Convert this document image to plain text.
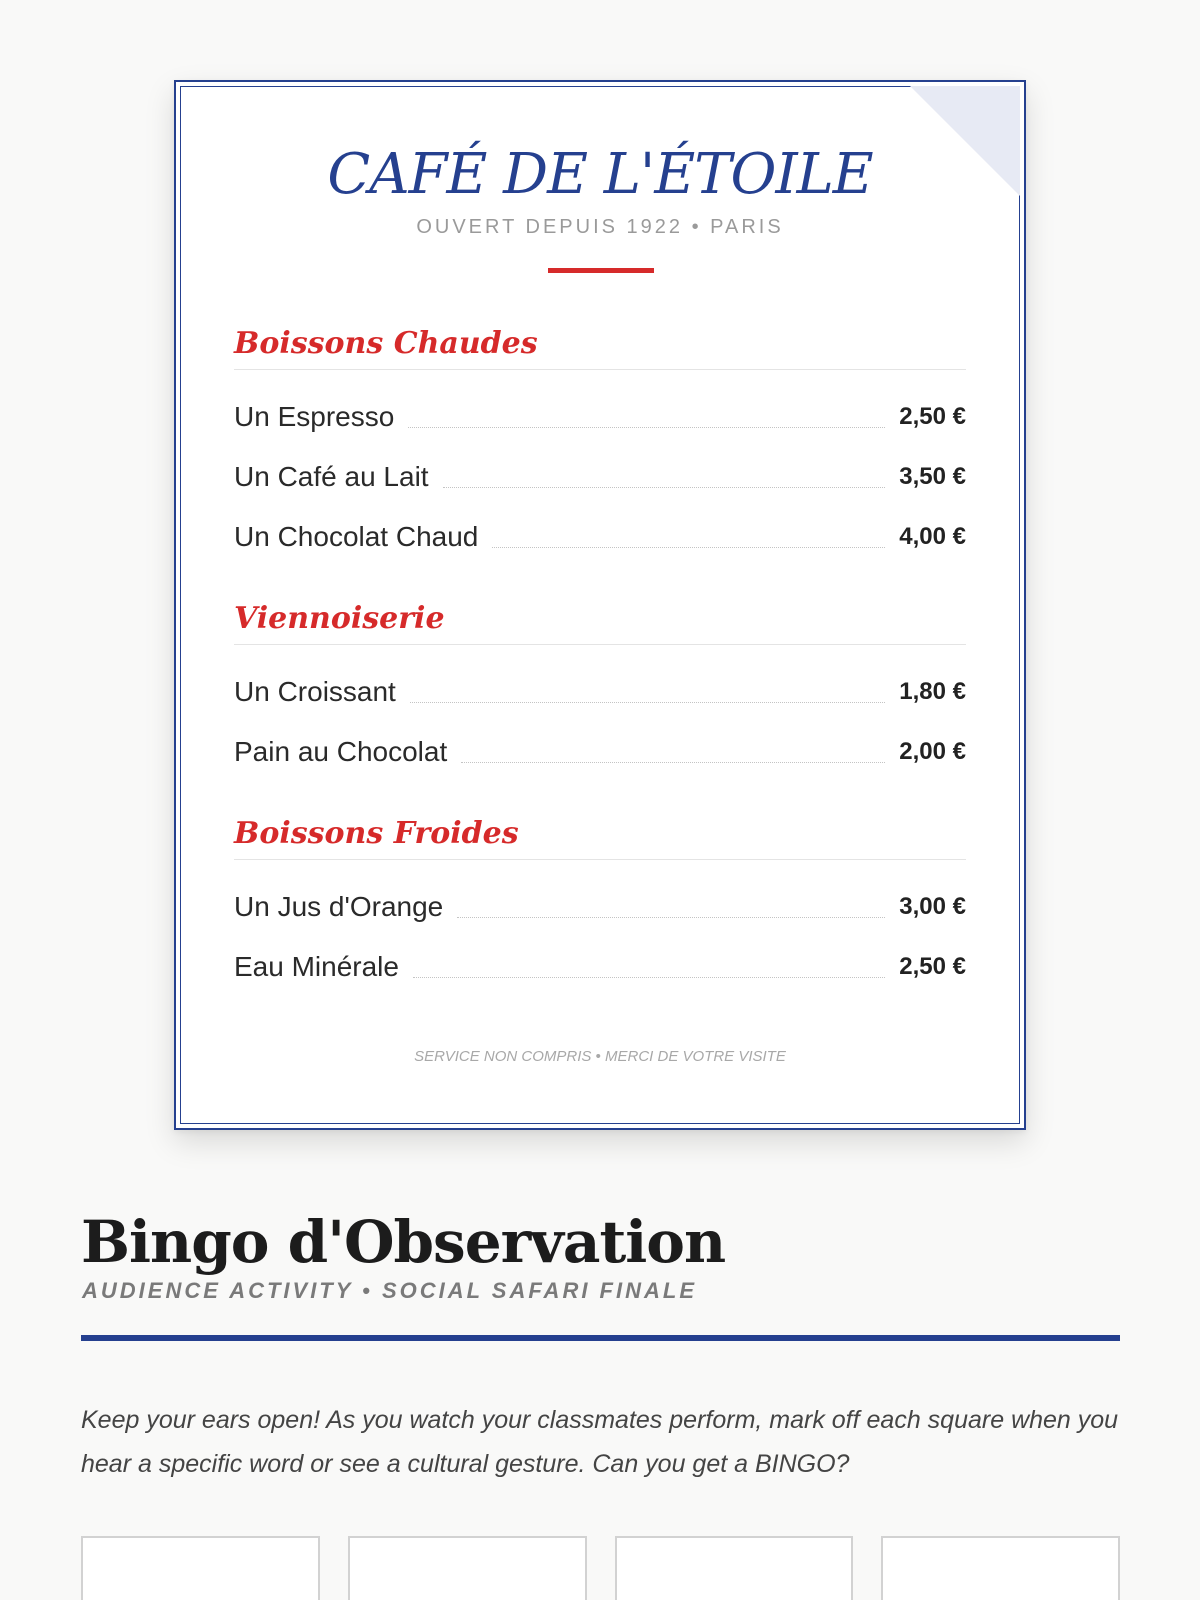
CAFÉ DE L'ÉTOILE
OUVERT DEPUIS 1922 • PARIS
Boissons Chaudes
Un Espresso	2,50 €
Un Café au Lait	3,50 €
Un Chocolat Chaud	4,00 €
Viennoiserie
Un Croissant	1,80 €
Pain au Chocolat	2,00 €
Boissons Froides
Un Jus d'Orange	3,00 €
Eau Minérale	2,50 €
SERVICE NON COMPRIS • MERCI DE VOTRE VISITE
Bingo d'Observation
AUDIENCE ACTIVITY • SOCIAL SAFARI FINALE

Keep your ears open! As you watch your classmates perform, mark off each square when you hear a specific word or see a cultural gesture. Can you get a BINGO?
